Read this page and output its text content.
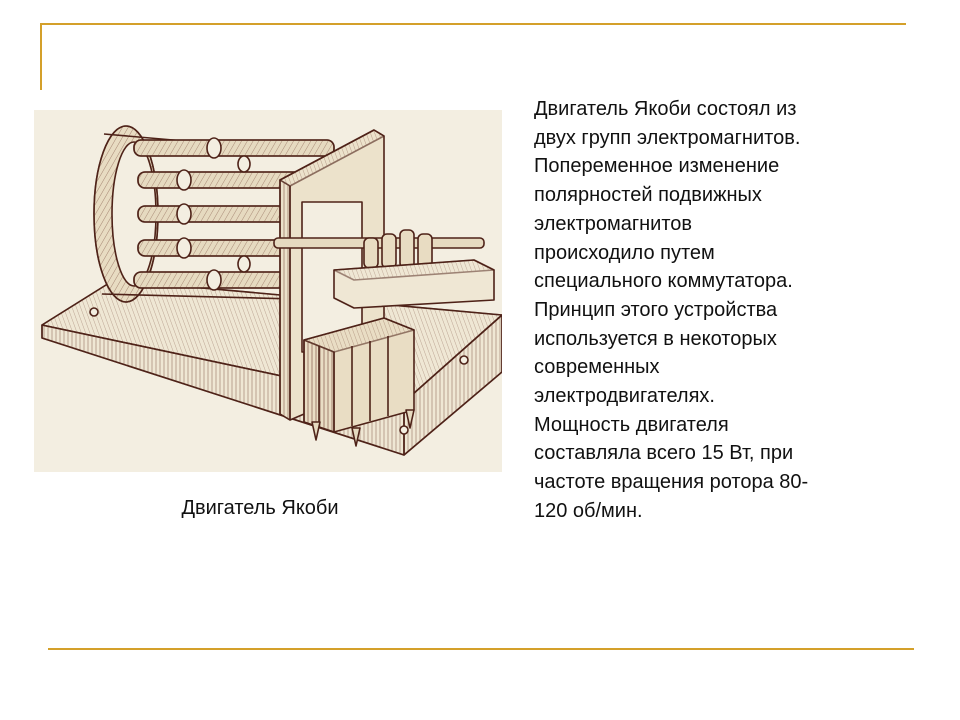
Двигатель Якоби

Двигатель Якоби состоял из
двух групп электромагнитов.
Попеременное изменение
полярностей подвижных
электромагнитов
происходило путем
специального коммутатора.
Принцип этого устройства
используется в некоторых
современных
электродвигателях.
Мощность двигателя
составляла всего 15 Вт, при
частоте вращения ротора 80-
120 об/мин.
